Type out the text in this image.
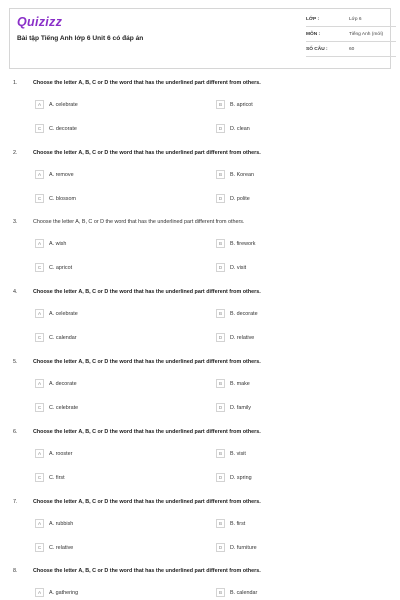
Quizizz
Bài tập Tiếng Anh lớp 6 Unit 6 có đáp án
LỚP :	Lớp 6
MÔN :	Tiếng Anh (mới)
SỐ CÂU :	60
1.	Choose the letter A, B, C or D the word that has the underlined part different from others.
A	A. celebrate	B	B. apricot
C	C. decorate	D	D. clean
2.	Choose the letter A, B, C or D the word that has the underlined part different from others.
A	A. remove	B	B. Korean
C	C. blossom	D	D. polite
3.	Choose the letter A, B, C or D the word that has the underlined part different from others.
A	A. wish	B	B. firework
C	C. apricot	D	D. visit
4.	Choose the letter A, B, C or D the word that has the underlined part different from others.
A	A. celebrate	B	B. decorate
C	C. calendar	D	D. relative
5.	Choose the letter A, B, C or D the word that has the underlined part different from others.
A	A. decorate	B	B. make
C	C. celebrate	D	D. family
6.	Choose the letter A, B, C or D the word that has the underlined part different from others.
A	A. rooster	B	B. visit
C	C. first	D	D. spring
7.	Choose the letter A, B, C or D the word that has the underlined part different from others.
A	A. rubbish	B	B. first
C	C. relative	D	D. furniture
8.	Choose the letter A, B, C or D the word that has the underlined part different from others.
A	A. gathering	B	B. calendar
